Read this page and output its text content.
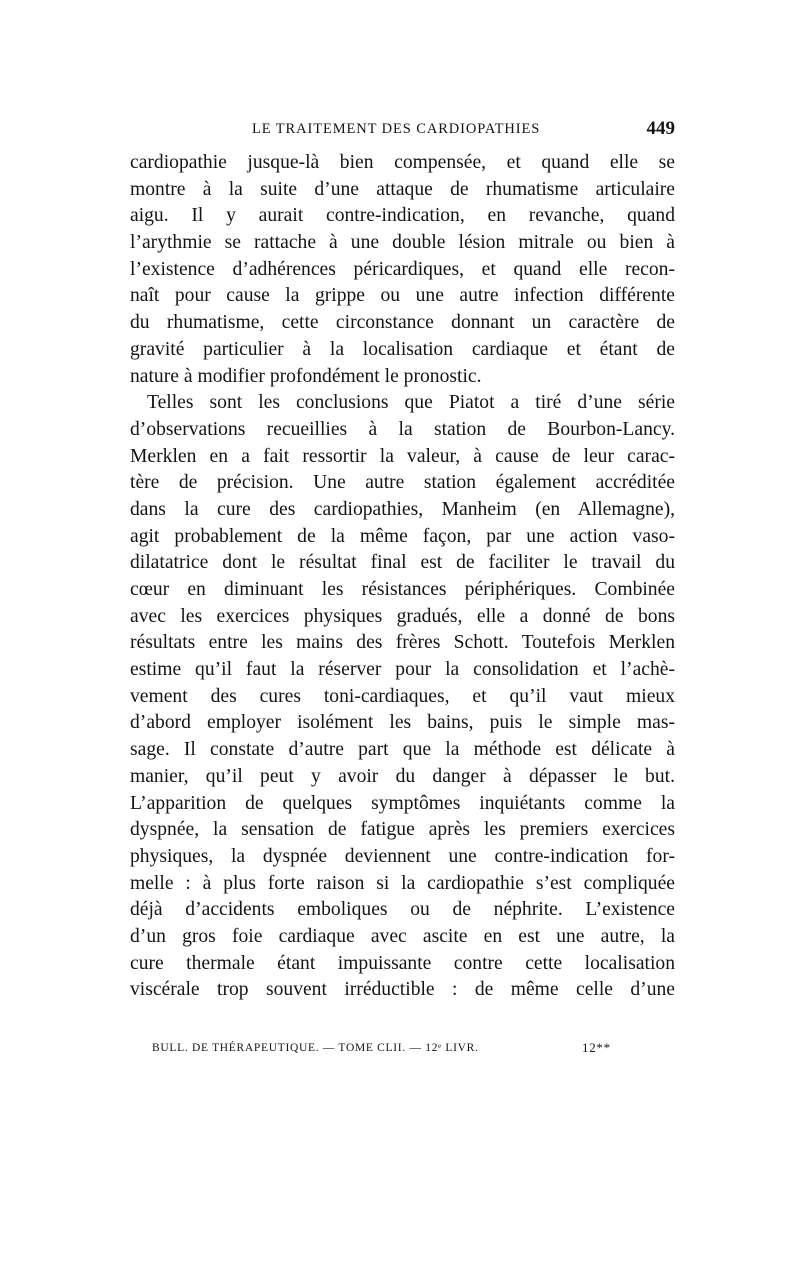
LE TRAITEMENT DES CARDIOPATHIES	449
cardiopathie jusque-là bien compensée, et quand elle se
montre à la suite d’une attaque de rhumatisme articulaire
aigu. Il y aurait contre-indication, en revanche, quand
l’arythmie se rattache à une double lésion mitrale ou bien à
l’existence d’adhérences péricardiques, et quand elle recon-
naît pour cause la grippe ou une autre infection différente
du rhumatisme, cette circonstance donnant un caractère de
gravité particulier à la localisation cardiaque et étant de
nature à modifier profondément le pronostic.
Telles sont les conclusions que Piatot a tiré d’une série
d’observations recueillies à la station de Bourbon-Lancy.
Merklen en a fait ressortir la valeur, à cause de leur carac-
tère de précision. Une autre station également accréditée
dans la cure des cardiopathies, Manheim (en Allemagne),
agit probablement de la même façon, par une action vaso-
dilatatrice dont le résultat final est de faciliter le travail du
cœur en diminuant les résistances périphériques. Combinée
avec les exercices physiques gradués, elle a donné de bons
résultats entre les mains des frères Schott. Toutefois Merklen
estime qu’il faut la réserver pour la consolidation et l’achè-
vement des cures toni-cardiaques, et qu’il vaut mieux
d’abord employer isolément les bains, puis le simple mas-
sage. Il constate d’autre part que la méthode est délicate à
manier, qu’il peut y avoir du danger à dépasser le but.
L’apparition de quelques symptômes inquiétants comme la
dyspnée, la sensation de fatigue après les premiers exercices
physiques, la dyspnée deviennent une contre-indication for-
melle : à plus forte raison si la cardiopathie s’est compliquée
déjà d’accidents emboliques ou de néphrite. L’existence
d’un gros foie cardiaque avec ascite en est une autre, la
cure thermale étant impuissante contre cette localisation
viscérale trop souvent irréductible : de même celle d’une
BULL. DE THÉRAPEUTIQUE. — TOME CLII. — 12ᵉ LIVR.	12**
